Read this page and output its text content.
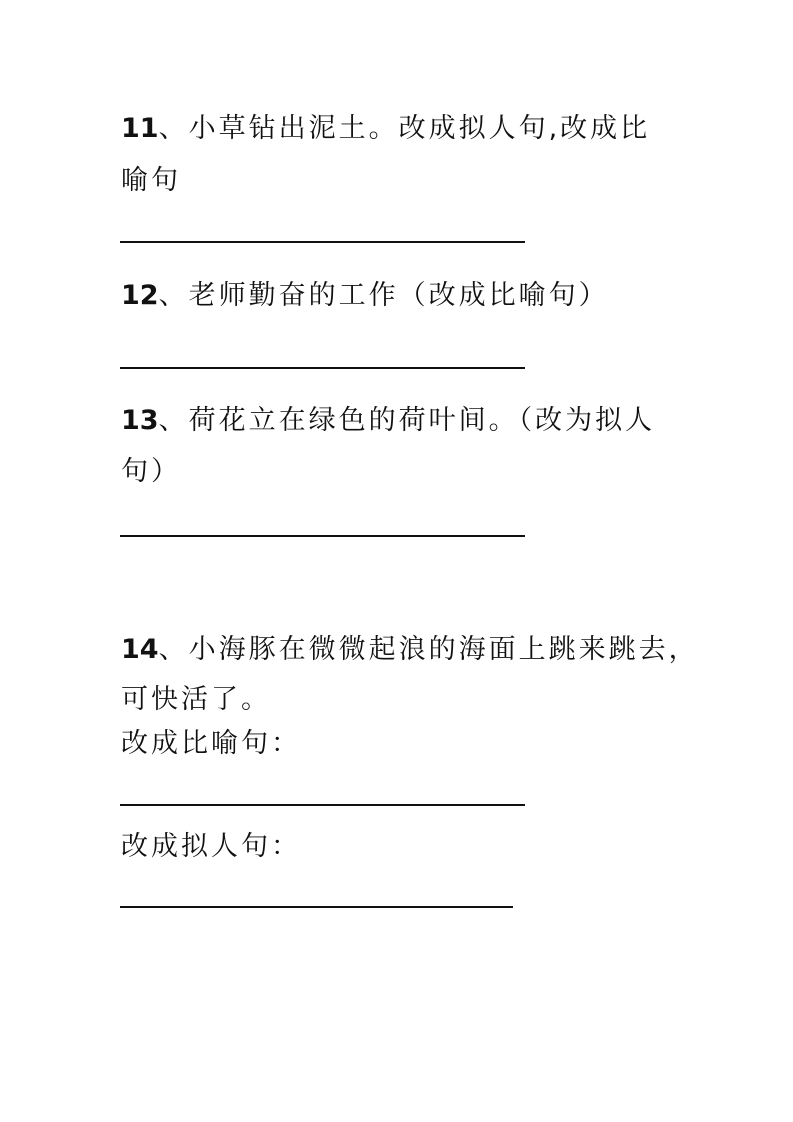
11、小草钻出泥土。改成拟人句,改成比
喻句
12、老师勤奋的工作（改成比喻句）
13、荷花立在绿色的荷叶间。（改为拟人
句）
14、小海豚在微微起浪的海面上跳来跳去，
可快活了。
改成比喻句：
改成拟人句：
